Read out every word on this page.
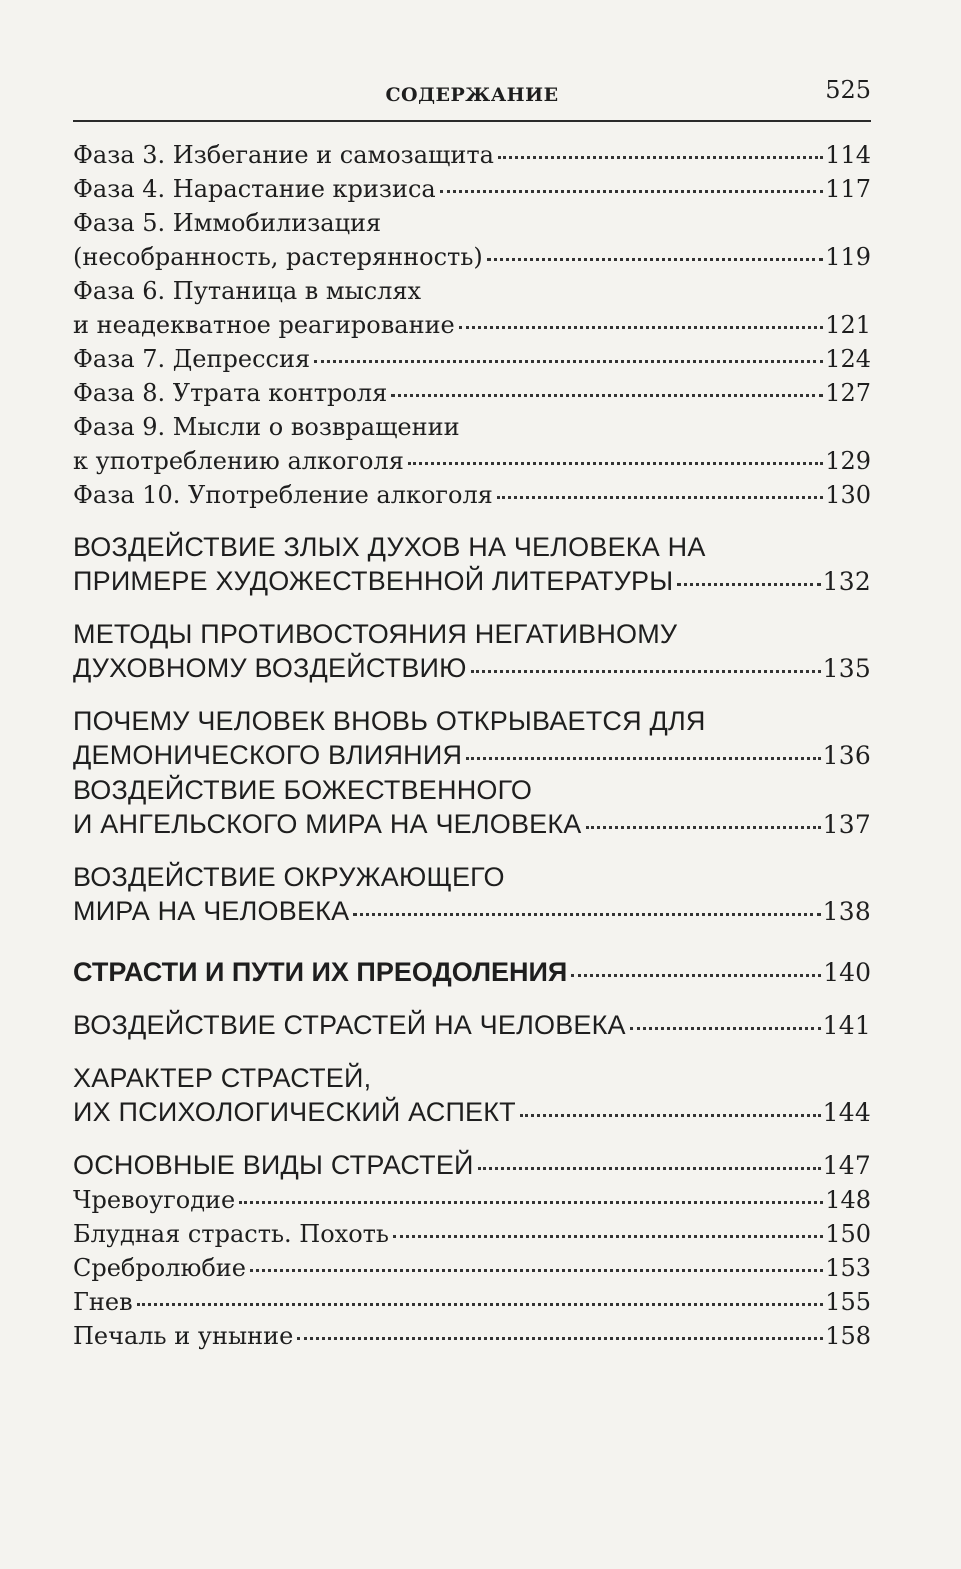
СОДЕРЖАНИЕ	525
Фаза 3. Избегание и самозащита	114
Фаза 4. Нарастание кризиса	117
Фаза 5. Иммобилизация
(несобранность, растерянность)	119
Фаза 6. Путаница в мыслях
и неадекватное реагирование	121
Фаза 7. Депрессия	124
Фаза 8. Утрата контроля	127
Фаза 9. Мысли о возвращении
к употреблению алкоголя	129
Фаза 10. Употребление алкоголя	130
ВОЗДЕЙСТВИЕ ЗЛЫХ ДУХОВ НА ЧЕЛОВЕКА НА
ПРИМЕРЕ ХУДОЖЕСТВЕННОЙ ЛИТЕРАТУРЫ	132
МЕТОДЫ ПРОТИВОСТОЯНИЯ НЕГАТИВНОМУ
ДУХОВНОМУ ВОЗДЕЙСТВИЮ	135
ПОЧЕМУ ЧЕЛОВЕК ВНОВЬ ОТКРЫВАЕТСЯ ДЛЯ
ДЕМОНИЧЕСКОГО ВЛИЯНИЯ	136
ВОЗДЕЙСТВИЕ БОЖЕСТВЕННОГО
И АНГЕЛЬСКОГО МИРА НА ЧЕЛОВЕКА	137
ВОЗДЕЙСТВИЕ ОКРУЖАЮЩЕГО
МИРА НА ЧЕЛОВЕКА	138
СТРАСТИ И ПУТИ ИХ ПРЕОДОЛЕНИЯ	140
ВОЗДЕЙСТВИЕ СТРАСТЕЙ НА ЧЕЛОВЕКА	141
ХАРАКТЕР СТРАСТЕЙ,
ИХ ПСИХОЛОГИЧЕСКИЙ АСПЕКТ	144
ОСНОВНЫЕ ВИДЫ СТРАСТЕЙ	147
Чревоугодие	148
Блудная страсть. Похоть	150
Сребролюбие	153
Гнев	155
Печаль и уныние	158
